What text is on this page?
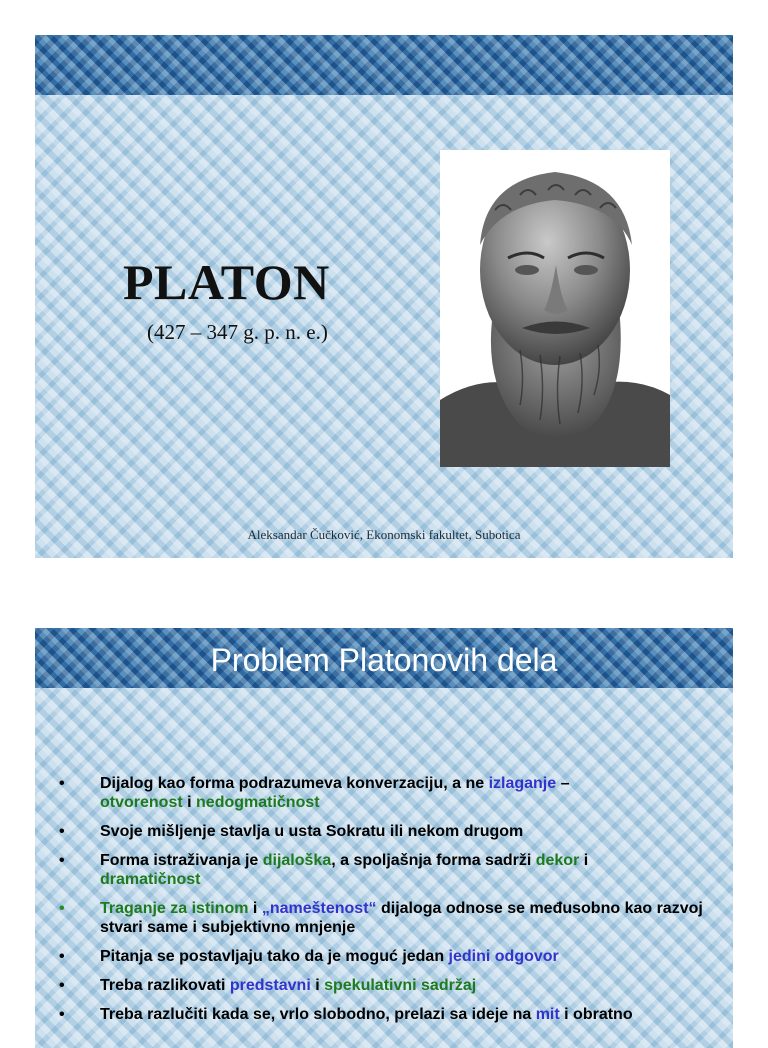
PLATON
(427 – 347 g. p. n. e.)
Aleksandar Čučković, Ekonomski fakultet, Subotica
Problem Platonovih dela
• Dijalog kao forma podrazumeva konverzaciju, a ne izlaganje –
otvorenost i nedogmatičnost
• Svoje mišljenje stavlja u usta Sokratu ili nekom drugom
• Forma istraživanja je dijaloška, a spoljašnja forma sadrži dekor i
dramatičnost
• Traganje za istinom i „nameštenost“ dijaloga odnose se međusobno kao razvoj stvari same i subjektivno mnjenje
• Pitanja se postavljaju tako da je moguć jedan jedini odgovor
• Treba razlikovati predstavni i spekulativni sadržaj
• Treba razlučiti kada se, vrlo slobodno, prelazi sa ideje na mit i obratno
